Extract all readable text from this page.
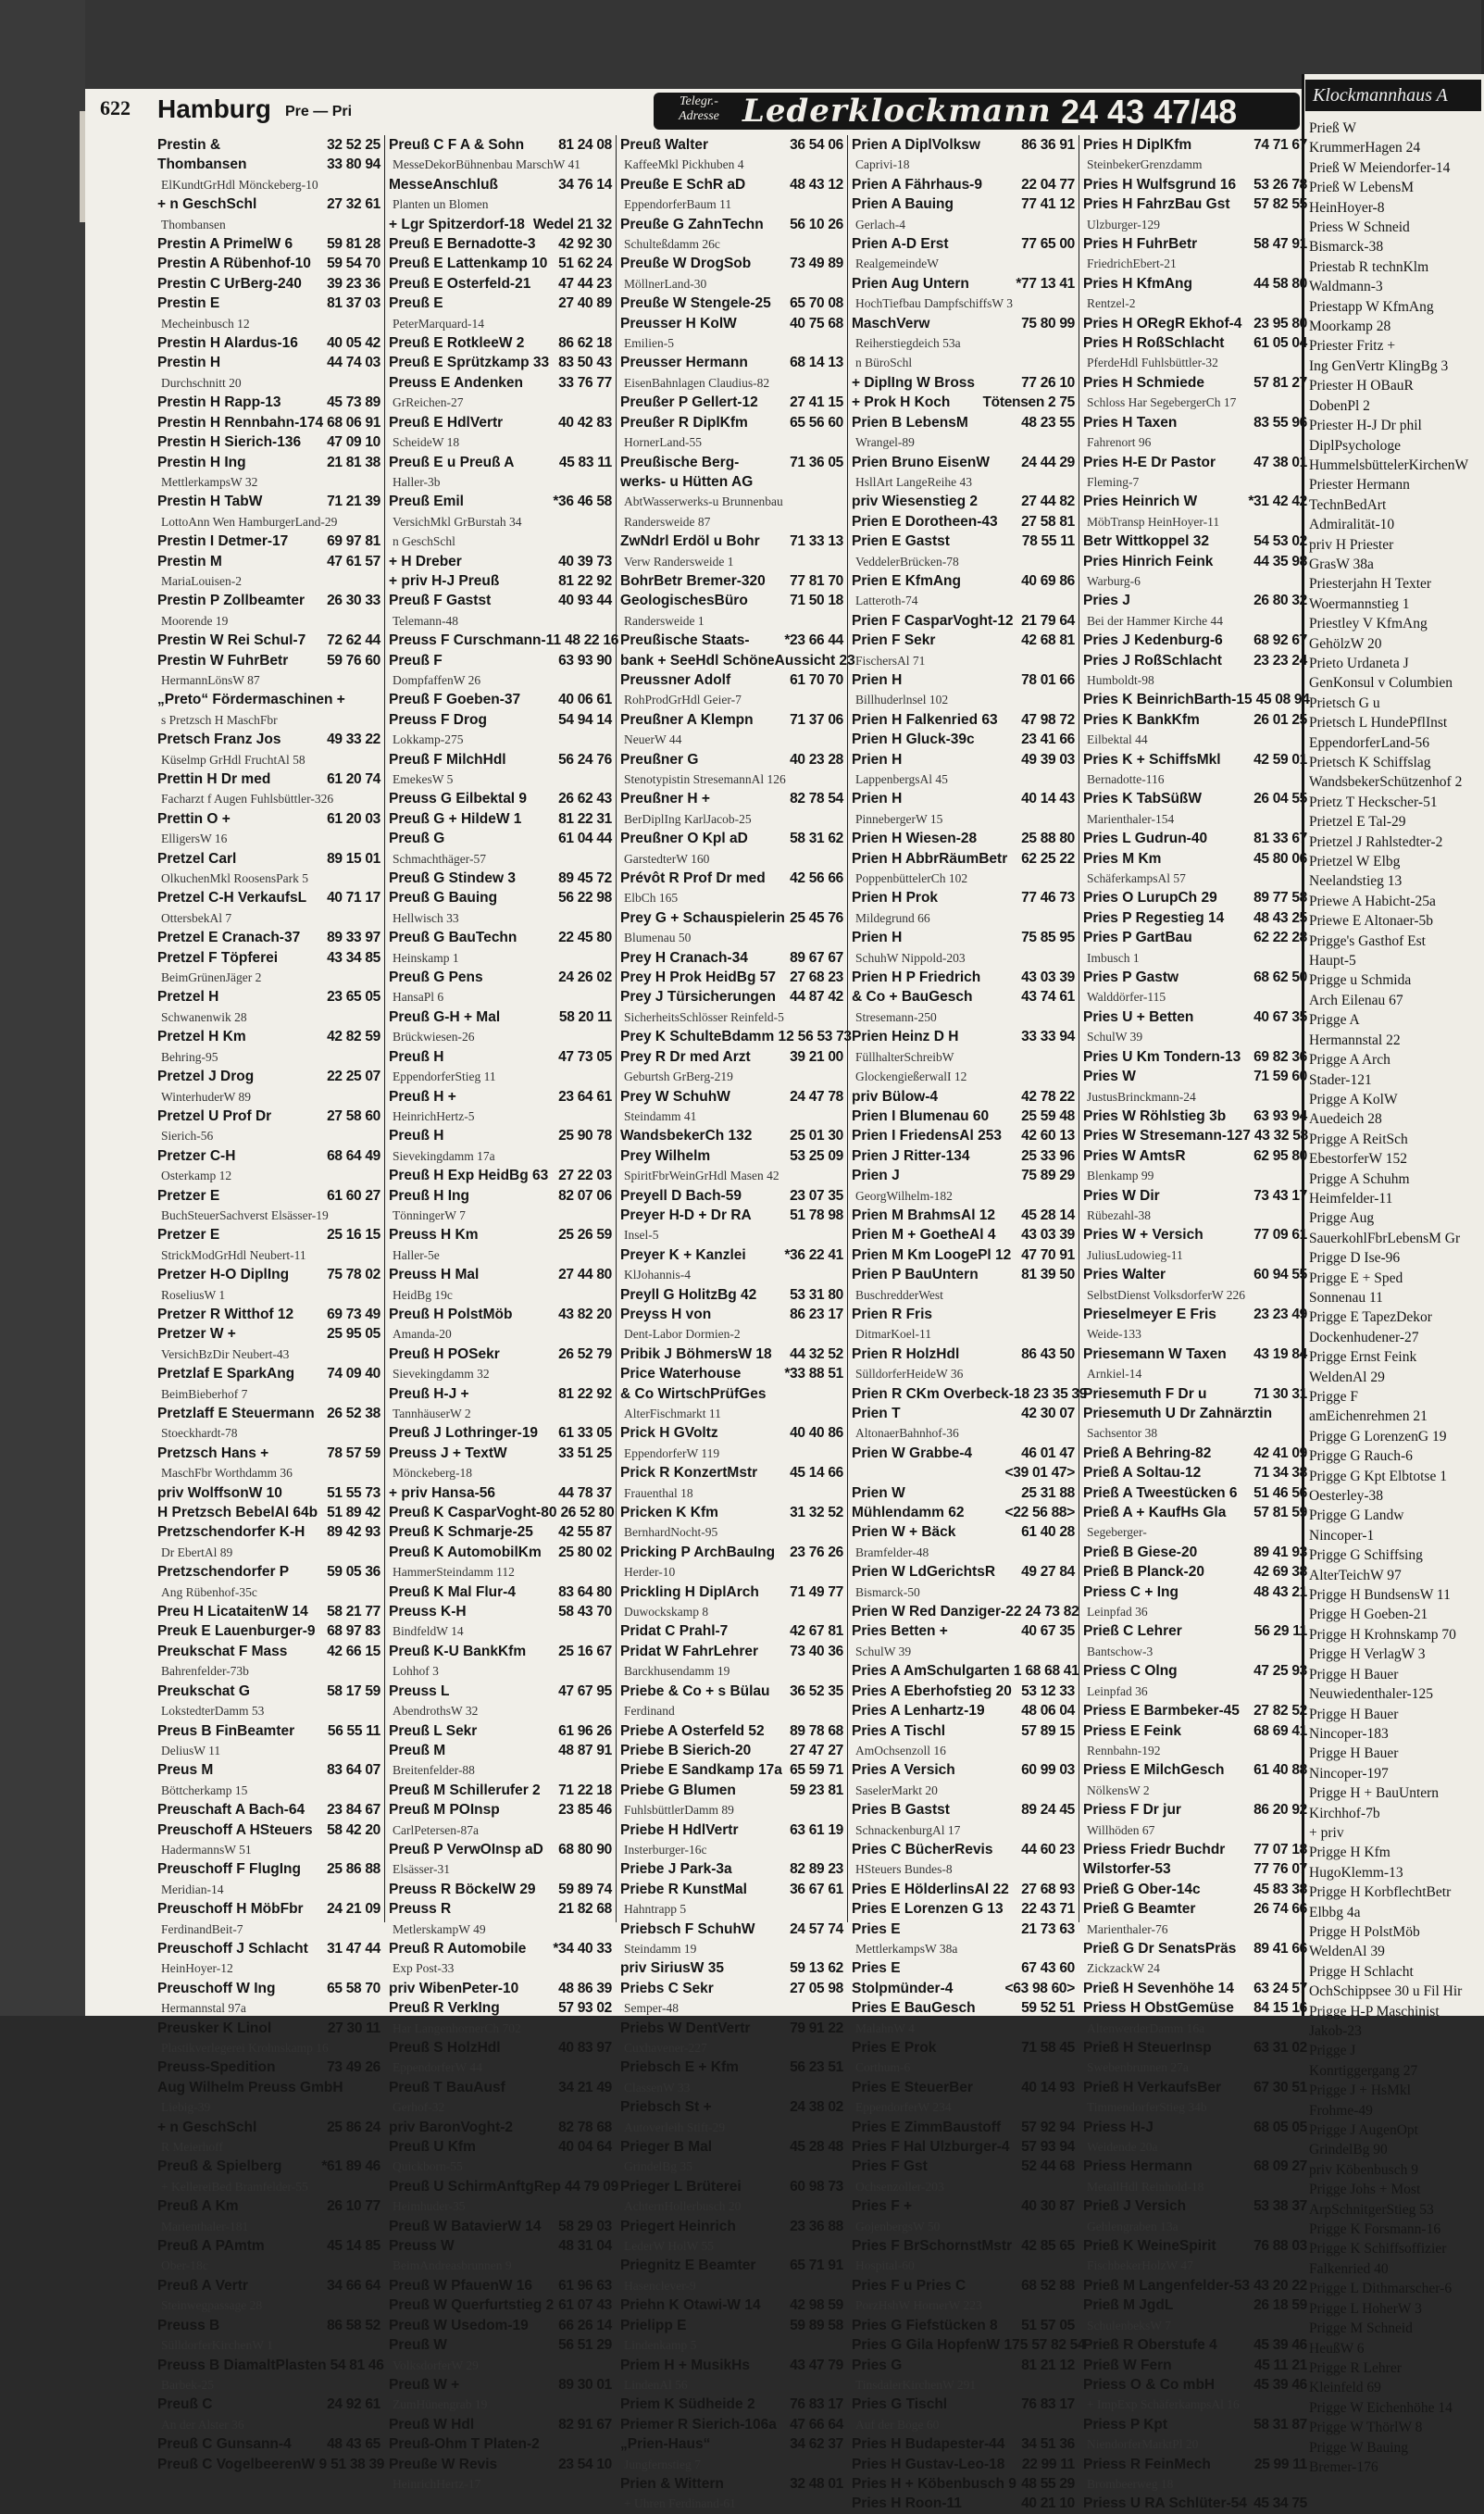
622 Hamburg Pre — Pri
Telegr.-Adresse Lederklockmann 24 43 47/48
Prestin &	32 52 25
Thombansen	33 80 94
ElKundtGrHdl Mönckeberg-10
+ n GeschSchl	27 32 61
Thombansen
Prestin A PrimelW 6	59 81 28
Prestin A Rübenhof-10	59 54 70
Prestin C UrBerg-240	39 23 36
Prestin E	81 37 03
Mecheinbusch 12
Prestin H Alardus-16	40 05 42
Prestin H	44 74 03
Durchschnitt 20
Prestin H Rapp-13	45 73 89
Prestin H Rennbahn-174 68 06 91
Prestin H Sierich-136	47 09 10
Prestin H Ing	21 81 38
MettlerkampsW 32
Prestin H TabW	71 21 39
LottoAnn Wen HamburgerLand-29
Prestin I Detmer-17	69 97 81
Prestin M	47 61 57
MariaLouisen-2
Prestin P Zollbeamter	26 30 33
Moorende 19
Prestin W Rei Schul-7	72 62 44
Prestin W FuhrBetr	59 76 60
HermannLönsW 87
„Preto“ Fördermaschinen +
s Pretzsch H MaschFbr
Pretsch Franz Jos	49 33 22
Küselmp GrHdl FruchtAl 58
Prettin H Dr med	61 20 74
Facharzt f Augen Fuhlsbüttler-326
Prettin O +	61 20 03
ElligersW 16
Pretzel Carl	89 15 01
OlkuchenMkl RoosensPark 5
Pretzel C-H VerkaufsL	40 71 17
OttersbekAl 7
Pretzel E Cranach-37	89 33 97
Pretzel F Töpferei	43 34 85
BeimGrünenJäger 2
Pretzel H	23 65 05
Schwanenwik 28
Pretzel H Km	42 82 59
Behring-95
Pretzel J Drog	22 25 07
WinterhuderW 89
Pretzel U Prof Dr	27 58 60
Sierich-56
Pretzer C-H	68 64 49
Osterkamp 12
Pretzer E	61 60 27
BuchSteuerSachverst Elsässer-19
Pretzer E	25 16 15
StrickModGrHdl Neubert-11
Pretzer H-O DiplIng	75 78 02
RoseliusW 1
Pretzer R Witthof 12	69 73 49
Pretzer W +	25 95 05
VersichBzDir Neubert-43
Pretzlaf E SparkAng	74 09 40
BeimBieberhof 7
Pretzlaff E Steuermann 26 52 38
Stoeckhardt-78
Pretzsch Hans +	78 57 59
MaschFbr Worthdamm 36
priv WolffsonW 10	51 55 73
H Pretzsch BebelAl 64b 51 89 42
Pretzschendorfer K-H	89 42 93
Dr EbertAl 89
Pretzschendorfer P	59 05 36
Ang Rübenhof-35c
Preu H LicataitenW 14	58 21 77
Preuk E Lauenburger-9 68 97 83
Preukschat F Mass	42 66 15
Bahrenfelder-73b
Preukschat G	58 17 59
LokstedterDamm 53
Preus B FinBeamter	56 55 11
DeliusW 11
Preus M	83 64 07
Böttcherkamp 15
Preuschaft A Bach-64	23 84 67
Preuschoff A HSteuers 58 42 20
HadermannsW 51
Preuschoff F FlugIng	25 86 88
Meridian-14
Preuschoff H MöbFbr	24 21 09
FerdinandBeit-7
Preuschoff J Schlacht	31 47 44
HeinHoyer-12
Preuschoff W Ing	65 58 70
Hermannstal 97a
Preusker K Linol	27 30 11
Plastikverlegerei Krohnskamp 16
Preuss-Spedition	73 49 26
Aug Wilhelm Preuss GmbH
Liebig-39
+ n GeschSchl	25 86 24
R Meierhoff
Preuß & Spielberg	*61 89 46
+ KellereiBed Bramfelder-55
Preuß A Km	26 10 77
Marienthaler-181
Preuß A PAmtm	45 14 85
Ober-18c
Preuß A Vertr	34 66 64
Steinwegpassage 28
Preuss B	86 58 52
SülldorferKirchenW 1
Preuss B DiamaltPlasten 54 81 46
Barbek-25
Preuß C	24 92 61
An der Alster 36
Preuß C Gunsann-4	48 43 65
Preuß C VogelbeerenW 9 51 38 39
Preuß C F A & Sohn	81 24 08
MesseDekorBühnenbau MarschW 41
MesseAnschluß	34 76 14
Planten un Blomen
+ Lgr Spitzerdorf-18 Wedel 21 32
Preuß E Bernadotte-3	42 92 30
Preuß E Lattenkamp 10 51 62 24
Preuß E Osterfeld-21	47 44 23
Preuß E	27 40 89
PeterMarquard-14
Preuß E RotkleeW 2	86 62 18
Preuß E Sprützkamp 33 83 50 43
Preuss E Andenken	33 76 77
GrReichen-27
Preuß E HdlVertr	40 42 83
ScheideW 18
Preuß E u Preuß A	45 83 11
Haller-3b
Preuß Emil	*36 46 58
VersichMkl GrBurstah 34
n GeschSchl
+ H Dreber	40 39 73
+ priv H-J Preuß	81 22 92
Preuß F Gastst	40 93 44
Telemann-48
Preuss F Curschmann-11 48 22 16
Preuß F	63 93 90
DompfaffenW 26
Preuß F Goeben-37	40 06 61
Preuss F Drog	54 94 14
Lokkamp-275
Preuß F MilchHdl	56 24 76
EmekesW 5
Preuss G Eilbektal 9	26 62 43
Preuß G + HildeW 1	81 22 31
Preuß G	61 04 44
Schmachthäger-57
Preuß G Stindew 3	89 45 72
Preuß G Bauing	56 22 98
Hellwisch 33
Preuß G BauTechn	22 45 80
Heinskamp 1
Preuß G Pens	24 26 02
HansaPl 6
Preuß G-H + Mal	58 20 11
Brückwiesen-26
Preuß H	47 73 05
EppendorferStieg 11
Preuß H +	23 64 61
HeinrichHertz-5
Preuß H	25 90 78
Sievekingdamm 17a
Preuß H Exp HeidBg 63 27 22 03
Preuß H Ing	82 07 06
TönningerW 7
Preuss H Km	25 26 59
Haller-5e
Preuss H Mal	27 44 80
HeidBg 19c
Preuß H PolstMöb	43 82 20
Amanda-20
Preuß H POSekr	26 52 79
Sievekingdamm 32
Preuß H-J +	81 22 92
TannhäuserW 2
Preuß J Lothringer-19	61 33 05
Preuss J + TextW	33 51 25
Mönckeberg-18
+ priv Hansa-56	44 78 37
Preuß K CasparVoght-80 26 52 80
Preuß K Schmarje-25	42 55 87
Preuß K AutomobilKm	25 80 02
HammerSteindamm 112
Preuß K Mal Flur-4	83 64 80
Preuss K-H	58 43 70
BindfeldW 14
Preuß K-U BankKfm	25 16 67
Lohhof 3
Preuss L	47 67 95
AbendrothsW 32
Preuß L Sekr	61 96 26
Preuß M	48 87 91
Breitenfelder-88
Preuß M Schillerufer 2	71 22 18
Preuß M POInsp	23 85 46
CarlPetersen-87a
Preuß P VerwOInsp aD	68 80 90
Elsässer-31
Preuss R BöckelW 29	59 89 74
Preuss R	21 82 68
MetlerskampW 49
Preuß R Automobile	*34 40 33
Exp Post-33
priv WibenPeter-10	48 86 39
Preuß R VerkIng	57 93 02
Har LangenhornerCh 702
Preuß S HolzHdl	40 83 97
EppendorferW 44
Preuß T BauAusf	34 21 49
Gerhof-32
priv BaronVoght-2	82 78 68
Preuß U Kfm	40 04 64
Quickborn-55
Preuß U SchirmAnftgRep 44 79 09
Heimhuder-35
Preuß W BatavierW 14	58 29 03
Preuss W	48 31 04
BeimAndreasbrunnen 9
Preuß W PfauenW 16	61 96 63
Preuß W Querfurtstieg 2 61 07 43
Preuß W Usedom-19	66 26 14
Preuß W	56 51 29
VolksdorferW 29
Preuß W +	89 30 01
ZumHünengrab 19
Preuß W Hdl	82 91 67
Preuß-Ohm T Platen-2
Preuße W Revis	23 54 10
HeinrichHertz-17
Preuß Walter	36 54 06
KaffeeMkl Pickhuben 4
Preuße E SchR aD	48 43 12
EppendorferBaum 11
Preuße G ZahnTechn	56 10 26
Schulteßdamm 26c
Preuße W DrogSob	73 49 89
MöllnerLand-30
Preuße W Stengele-25	65 70 08
Preusser H KolW	40 75 68
Emilien-5
Preusser Hermann	68 14 13
EisenBahnlagen Claudius-82
Preußer P Gellert-12	27 41 15
Preußer R DiplKfm	65 56 60
HornerLand-55
Preußische Berg-	71 36 05
werks- u Hütten AG
AbtWasserwerks-u Brunnenbau
Randersweide 87
ZwNdrl Erdöl u Bohr	71 33 13
Verw Randersweide 1
BohrBetr Bremer-320	77 81 70
GeologischesBüro	71 50 18
Randersweide 1
Preußische Staats-	*23 66 44
bank + SeeHdl SchöneAussicht 23
Preussner Adolf	61 70 70
RohProdGrHdl Geier-7
Preußner A Klempn	71 37 06
NeuerW 44
Preußner G	40 23 28
Stenotypistin StresemannAl 126
Preußner H +	82 78 54
BerDiplIng KarlJacob-25
Preußner O Kpl aD	58 31 62
GarstedterW 160
Prévôt R Prof Dr med	42 56 66
ElbCh 165
Prey G + Schauspielerin 25 45 76
Blumenau 50
Prey H Cranach-34	89 67 67
Prey H Prok HeidBg 57 27 68 23
Prey J Türsicherungen 44 87 42
SicherheitsSchlösser Reinfeld-5
Prey K SchulteBdamm 12 56 53 73
Prey R Dr med Arzt	39 21 00
Geburtsh GrBerg-219
Prey W SchuhW	24 47 78
Steindamm 41
WandsbekerCh 132	25 01 30
Prey Wilhelm	53 25 09
SpiritFbrWeinGrHdl Masen 42
Preyell D Bach-59	23 07 35
Preyer H-D + Dr RA	51 78 98
Insel-5
Preyer K + Kanzlei	*36 22 41
KlJohannis-4
Preyll G HolitzBg 42	53 31 80
Preyss H von	86 23 17
Dent-Labor Dormien-2
Pribik J BöhmersW 18	44 32 52
Price Waterhouse	*33 88 51
& Co WirtschPrüfGes
AlterFischmarkt 11
Prick H GVoltz	40 40 86
EppendorferW 119
Prick R KonzertMstr	45 14 66
Frauenthal 18
Pricken K Kfm	31 32 52
BernhardNocht-95
Pricking P ArchBauIng	23 76 26
Herder-10
Prickling H DiplArch	71 49 77
Duwockskamp 8
Pridat C Prahl-7	42 67 81
Pridat W FahrLehrer	73 40 36
Barckhusendamm 19
Priebe & Co + s Bülau	36 52 35
Ferdinand
Priebe A Osterfeld 52	89 78 68
Priebe B Sierich-20	27 47 27
Priebe E Sandkamp 17a 65 59 71
Priebe G Blumen	59 23 81
FuhlsbüttlerDamm 89
Priebe H HdlVertr	63 61 19
Insterburger-16c
Priebe J Park-3a	82 89 23
Priebe R KunstMal	36 67 61
Hahntrapp 5
Priebsch F SchuhW	24 57 74
Steindamm 19
priv SiriusW 35	59 13 62
Priebs C Sekr	27 05 98
Semper-48
Priebs W DentVertr	79 91 22
Cuxhavener-227
Priebsch E + Kfm	56 23 51
ClassenW 33
Priebsch St +	24 38 02
Autoverleih Stift-29
Prieger B Mal	45 28 48
GrindelBg 35
Prieger L Brüterei	60 98 73
AchternHollerbusch 20
Priegert Heinrich	23 36 88
LederW HolW 55
Priegnitz E Beamter	65 71 91
Hasenclever-9
Priehn K Otawi-W 14	42 98 59
Prielipp E	59 89 58
Lindenkamp 5
Priem H + MusikHs	43 47 79
LindenAl 56
Priem K Südheide 2	76 83 17
Priemer R Sierich-106a 47 66 64
„Prien-Haus“	34 62 37
Jungfernstieg 7
Prien & Wittern	32 48 01
+ Uhren Ferdinand-61
Prien A DiplVolksw	86 36 91
Caprivi-18
Prien A Fährhaus-9	22 04 77
Prien A Bauing	77 41 12
Gerlach-4
Prien A-D Erst	77 65 00
RealgemeindeW
Prien Aug Untern	*77 13 41
HochTiefbau DampfschiffsW 3
MaschVerw	75 80 99
Reiherstiegdeich 53a
n BüroSchl
+ DiplIng W Bross	77 26 10
+ Prok H Koch	Tötensen 2 75
Prien B LebensM	48 23 55
Wrangel-89
Prien Bruno EisenW	24 44 29
HsllArt LangeReihe 43
priv Wiesenstieg 2	27 44 82
Prien E Dorotheen-43	27 58 81
Prien E Gastst	78 55 11
VeddelerBrücken-78
Prien E KfmAng	40 69 86
Latteroth-74
Prien F CasparVoght-12 21 79 64
Prien F Sekr	42 68 81
FischersAl 71
Prien H	78 01 66
Billhuderlnsel 102
Prien H Falkenried 63	47 98 72
Prien H Gluck-39c	23 41 66
Prien H	49 39 03
LappenbergsAl 45
Prien H	40 14 43
PinnebergerW 15
Prien H Wiesen-28	25 88 80
Prien H AbbrRäumBetr 62 25 22
PoppenbüttelerCh 102
Prien H Prok	77 46 73
Mildegrund 66
Prien H	75 85 95
SchuhW Nippold-203
Prien H P Friedrich	43 03 39
& Co + BauGesch	43 74 61
Stresemann-250
Prien Heinz D H	33 33 94
FüllhalterSchreibW
GlockengießerwalI 12
priv Bülow-4	42 78 22
Prien I Blumenau 60	25 59 48
Prien I FriedensAl 253	42 60 13
Prien J Ritter-134	25 33 96
Prien J	75 89 29
GeorgWilhelm-182
Prien M BrahmsAl 12	45 28 14
Prien M + GoetheAl 4	43 03 39
Prien M Km LoogePl 12 47 70 91
Prien P BauUntern	81 39 50
BuschredderWest
Prien R Fris
DitmarKoel-11
Prien R HolzHdl	86 43 50
SülldorferHeideW 36
Prien R CKm Overbeck-18 23 35 39
Prien T	42 30 07
AltonaerBahnhof-36
Prien W Grabbe-4	46 01 47
<39 01 47>
Prien W	25 31 88
Mühlendamm 62	<22 56 88>
Prien W + Bäck	61 40 28
Bramfelder-48
Prien W LdGerichtsR	49 27 84
Bismarck-50
Prien W Red Danziger-22 24 73 82
Pries Betten +	40 67 35
SchulW 39
Pries A AmSchulgarten 1 68 68 41
Pries A Eberhofstieg 20 53 12 33
Pries A Lenhartz-19	48 06 04
Pries A Tischl	57 89 15
AmOchsenzoll 16
Pries A Versich	60 99 03
SaselerMarkt 20
Pries B Gastst	89 24 45
SchnackenburgAl 17
Pries C BücherRevis	44 60 23
HSteuers Bundes-8
Pries E HölderlinsAl 22 27 68 93
Pries E Lorenzen G 13	22 43 71
Pries E	21 73 63
MettlerkampsW 38a
Pries E	67 43 60
Stolpmünder-4	<63 98 60>
Pries E BauGesch	59 52 51
MalahnW 4
Pries E Prok	71 58 45
Corthum-6
Pries E SteuerBer	40 14 93
EppendorferW 234
Pries E ZimmBaustoff	57 92 94
Pries F Hal Ulzburger-4 57 93 94
Pries F Gst	52 44 68
Ochsenzoller-203
Pries F +	40 30 87
GojenbergsW 50
Pries F BrSchornstMstr 42 85 65
Hospital-60
Pries F u Pries C	68 52 88
PorzHshW HornerW 223
Pries G Fiefstücken 8	51 57 05
Pries G Gila HopfenW 175 57 82 54
Pries G	81 21 12
TinsdalerKirchenW 291
Pries G Tischl	76 83 17
Auf der Böge 60
Pries H Budapester-44	34 51 36
Pries H Gustav-Leo-18	22 99 11
Pries H + Köbenbusch 9 48 55 29
Pries H Roon-11	40 21 10
Pries H DiplKfm	74 71 67
SteinbekerGrenzdamm
Pries H Wulfsgrund 16	53 26 78
Pries H FahrzBau Gst	57 82 55
Ulzburger-129
Pries H FuhrBetr	58 47 91
FriedrichEbert-21
Pries H KfmAng	44 58 80
Rentzel-2
Pries H ORegR Ekhof-4 23 95 80
Pries H RoßSchlacht	61 05 04
PferdeHdl Fuhlsbüttler-32
Pries H Schmiede	57 81 27
Schloss Har SegebergerCh 17
Pries H Taxen	83 55 96
Fahrenort 96
Pries H-E Dr Pastor	47 38 01
Fleming-7
Pries Heinrich W	*31 42 42
MöbTransp HeinHoyer-11
Betr Wittkoppel 32	54 53 02
Pries Hinrich Feink	44 35 98
Warburg-6
Pries J	26 80 32
Bei der Hammer Kirche 44
Pries J Kedenburg-6	68 92 67
Pries J RoßSchlacht	23 23 24
Humboldt-98
Pries K BeinrichBarth-15 45 08 94
Pries K BankKfm	26 01 25
Eilbektal 44
Pries K + SchiffsMkl	42 59 01
Bernadotte-116
Pries K TabSüßW	26 04 55
Marienthaler-154
Pries L Gudrun-40	81 33 67
Pries M Km	45 80 06
SchäferkampsAl 57
Pries O LurupCh 29	89 77 58
Pries P Regestieg 14	48 43 25
Pries P GartBau	62 22 28
Imbusch 1
Pries P Gastw	68 62 50
Walddörfer-115
Pries U + Betten	40 67 35
SchulW 39
Pries U Km Tondern-13 69 82 36
Pries W	71 59 60
JustusBrinckmann-24
Pries W Röhlstieg 3b	63 93 94
Pries W Stresemann-127 43 32 58
Pries W AmtsR	62 95 80
Blenkamp 99
Pries W Dir	73 43 17
Rübezahl-38
Pries W + Versich	77 09 61
JuliusLudowieg-11
Pries Walter	60 94 55
SelbstDienst VolksdorferW 226
Prieselmeyer E Fris	23 23 49
Weide-133
Priesemann W Taxen	43 19 84
Arnkiel-14
Priesemuth F Dr u	71 30 31
Priesemuth U Dr Zahnärztin
Sachsentor 38
Prieß A Behring-82	42 41 09
Prieß A Soltau-12	71 34 38
Prieß A Tweestücken 6	51 46 56
Prieß A + KaufHs Gla	57 81 59
Segeberger-
Prieß B Giese-20	89 41 93
Prieß B Planck-20	42 69 38
Priess C + Ing	48 43 21
Leinpfad 36
Prieß C Lehrer	56 29 11
Bantschow-3
Priess C Olng	47 25 93
Leinpfad 36
Priess E Barmbeker-45 27 82 52
Priess E Feink	68 69 41
Rennbahn-192
Priess E MilchGesch	61 40 88
NölkensW 2
Priess F Dr jur	86 20 92
Willhöden 67
Priess Friedr Buchdr	77 07 18
Wilstorfer-53	77 76 07
Prieß G Ober-14c	45 83 38
Prieß G Beamter	26 74 66
Marienthaler-76
Prieß G Dr SenatsPräs	89 41 66
ZickzackW 24
Prieß H Sevenhöhe 14	63 24 57
Priess H ObstGemüse	84 15 16
AltenwerderDamm 16a
Prieß H SteuerInsp	63 31 02
Swebenbrunnen 27a
Prieß H VerkaufsBer	67 30 51
TimmendorferStieg 34b
Priess H-J	68 05 05
Weidende 20a
Priess Hermann	68 09 27
MetallHdl Reinhold-18
Prieß J Versich	53 38 37
Gehlengraben 13a
Prieß K WeineSpirit	76 88 03
FischbekerHolzW 47
Prieß M Langenfelder-53 43 20 22
Prieß M JgdL	26 18 59
SchulenbeksW 7
Prieß R Oberstufe 4	45 39 46
Prieß W Fern	45 11 21
Priess O & Co mbH	45 39 46
+ ImpExp SchäferkampsAl 16
Priess P Kpt	58 31 87
NiendorferMarktPl 20
Priess R FeinMech	25 99 11
Brombeerweg 18
Priess U RA Schlüter-54 45 34 75
Klockmannhaus A
Prieß W
KrummerHagen 24
Prieß W Meiendorfer-14
Prieß W LebensM
HeinHoyer-8
Priess W Schneid
Bismarck-38
Priestab R technKlm
Waldmann-3
Priestapp W KfmAng
Moorkamp 28
Priester Fritz +
Ing GenVertr KlingBg 3
Priester H OBauR
DobenPl 2
Priester H-J Dr phil
DiplPsychologe
HummelsbüttelerKirchenW
Priester Hermann
TechnBedArt
Admiralität-10
priv H Priester
GrasW 38a
Priesterjahn H Texter
Woermannstieg 1
Priestley V KfmAng
GehölzW 20
Prieto Urdaneta J
GenKonsul v Columbien
Prietsch G u
Prietsch L HundePflInst
EppendorferLand-56
Prietsch K Schiffslag
WandsbekerSchützenhof 2
Prietz T Heckscher-51
Prietzel E Tal-29
Prietzel J Rahlstedter-2
Prietzel W Elbg
Neelandstieg 13
Priewe A Habicht-25a
Priewe E Altonaer-5b
Prigge's Gasthof Est
Haupt-5
Prigge u Schmida
Arch Eilenau 67
Prigge A
Hermannstal 22
Prigge A Arch
Stader-121
Prigge A KolW
Auedeich 28
Prigge A ReitSch
EbestorferW 152
Prigge A Schuhm
Heimfelder-11
Prigge Aug
SauerkohlFbrLebensM Gr
Prigge D Ise-96
Prigge E + Sped
Sonnenau 11
Prigge E TapezDekor
Dockenhudener-27
Prigge Ernst Feink
WeldenAl 29
Prigge F
amEichenrehmen 21
Prigge G LorenzenG 19
Prigge G Rauch-6
Prigge G Kpt Elbtotse 1
Oesterley-38
Prigge G Landw
Nincoper-1
Prigge G Schiffsing
AlterTeichW 97
Prigge H BundsensW 11
Prigge H Goeben-21
Prigge H Krohnskamp 70
Prigge H VerlagW 3
Prigge H Bauer
Neuwiedenthaler-125
Prigge H Bauer
Nincoper-183
Prigge H Bauer
Nincoper-197
Prigge H + BauUntern
Kirchhof-7b
+ priv
Prigge H Kfm
HugoKlemm-13
Prigge H KorbflechtBetr
Elbbg 4a
Prigge H PolstMöb
WeldenAl 39
Prigge H Schlacht
OchSchippsee 30 u Fil Hir
Prigge H-P Maschinist
Jakob-23
Prigge J
Konrtiggergang 27
Prigge J + HsMkl
Frohme-49
Prigge J AugenOpt
GrindelBg 90
priv Köbenbusch 9
Prigge Johs + Most
ArpSchnitgerStieg 53
Prigge K Forsmann-16
Prigge K Schiffsoffizier
Falkenried 40
Prigge L Dithmarscher-6
Prigge L HoherW 3
Prigge M Schneid
HeußW 6
Prigge R Lehrer
Kleinfeld 69
Prigge W Eichenhöhe 14
Prigge W ThörlW 8
Prigge W Bauing
Bremer-176
